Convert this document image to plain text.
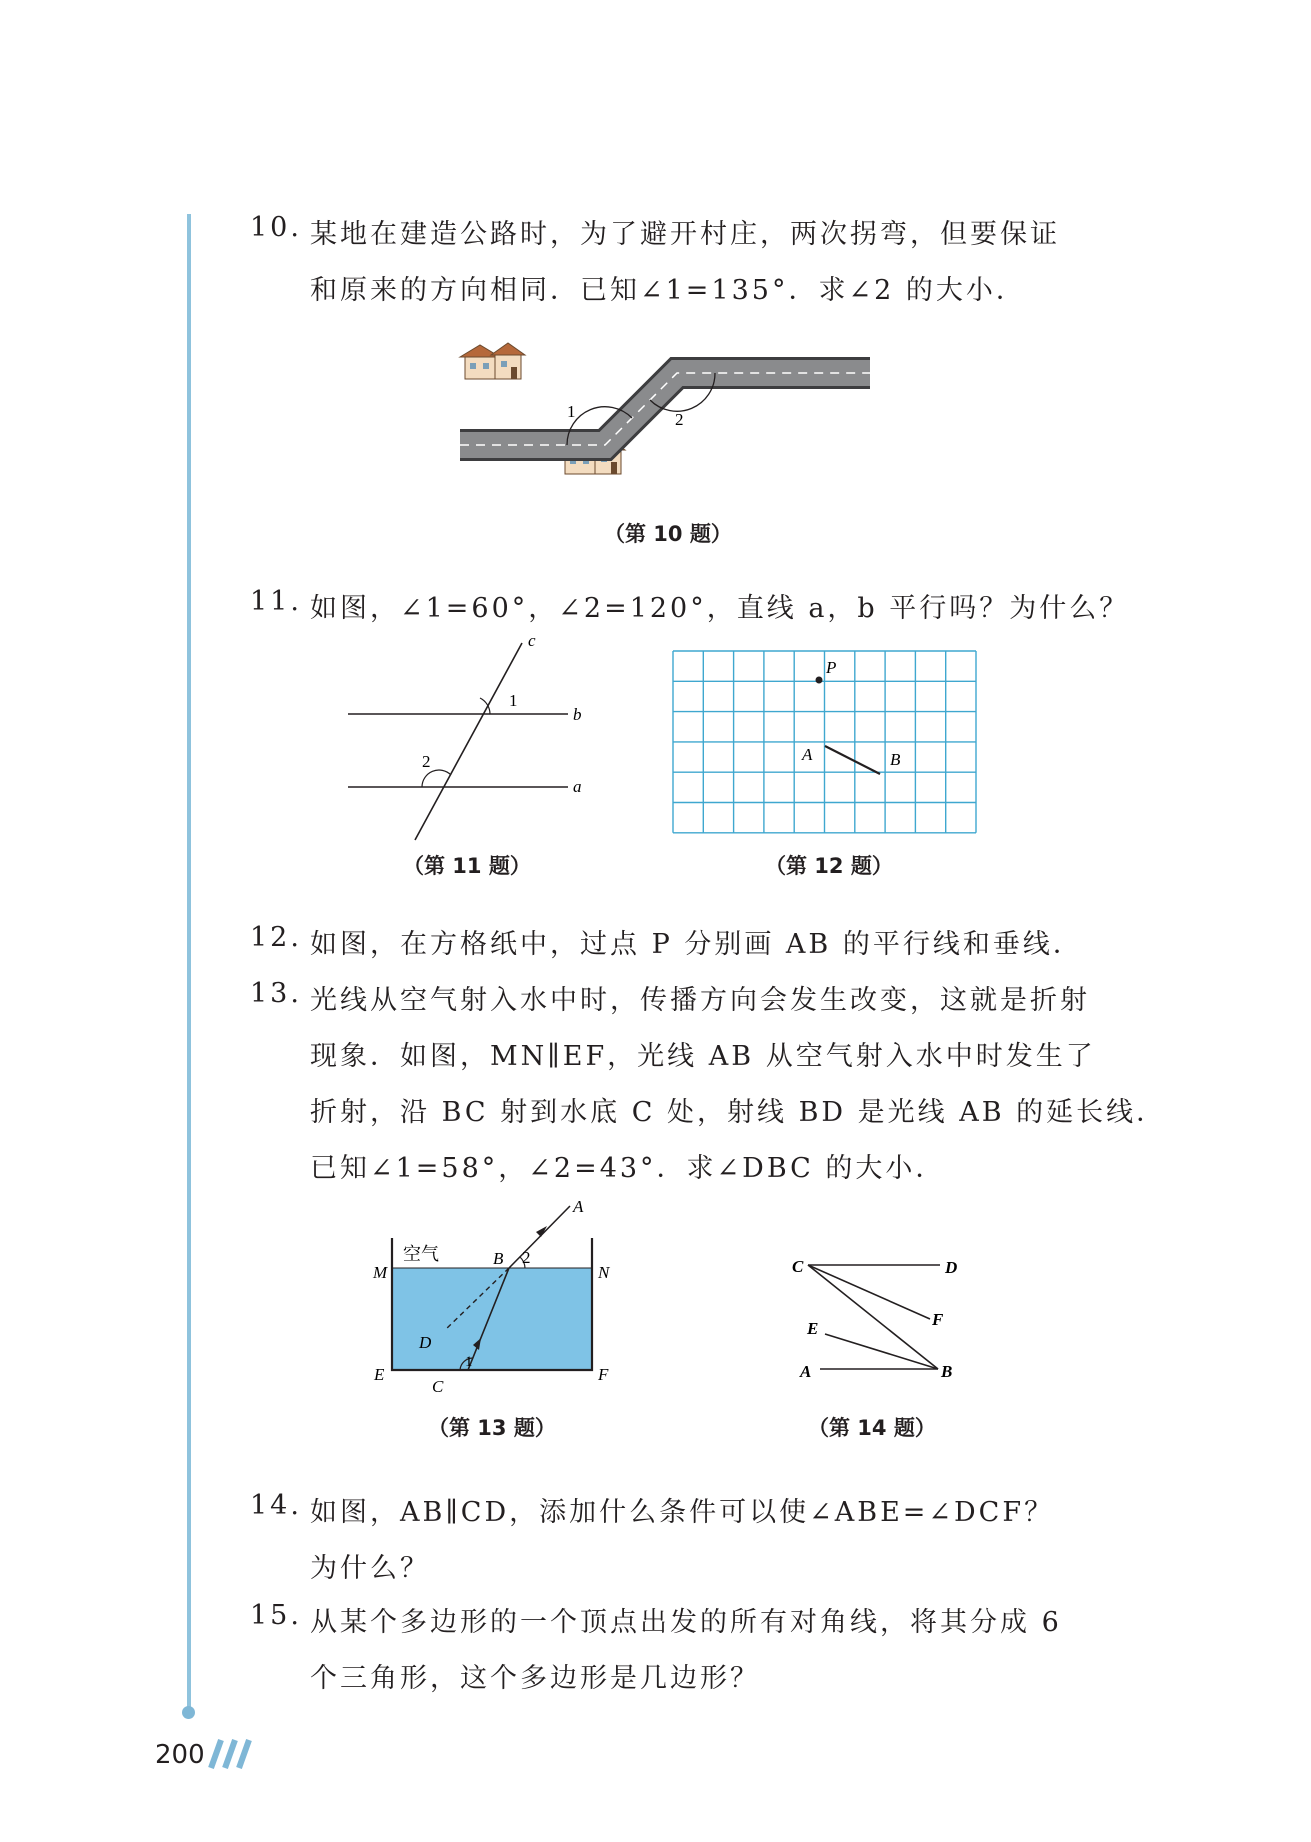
10. 某地在建造公路时，为了避开村庄，两次拐弯，但要保证
和原来的方向相同．已知∠1=135°．求∠2 的大小．
1	2
（第 10 题）
11. 如图，∠1=60°，∠2=120°，直线 a，b 平行吗？为什么？
c
b
a
1
2
（第 11 题）
P
A	B
（第 12 题）
12. 如图，在方格纸中，过点 P 分别画 AB 的平行线和垂线．
13. 光线从空气射入水中时，传播方向会发生改变，这就是折射
现象．如图，MN∥EF，光线 AB 从空气射入水中时发生了
折射，沿 BC 射到水底 C 处，射线 BD 是光线 AB 的延长线．
已知∠1=58°，∠2=43°．求∠DBC 的大小．
A
B
M	N
空气	2
D
1
E
C
F
（第 13 题）
C	D
F
E
A	B
（第 14 题）
14. 如图，AB∥CD，添加什么条件可以使∠ABE=∠DCF？
为什么？
15. 从某个多边形的一个顶点出发的所有对角线，将其分成 6
个三角形，这个多边形是几边形？
200
